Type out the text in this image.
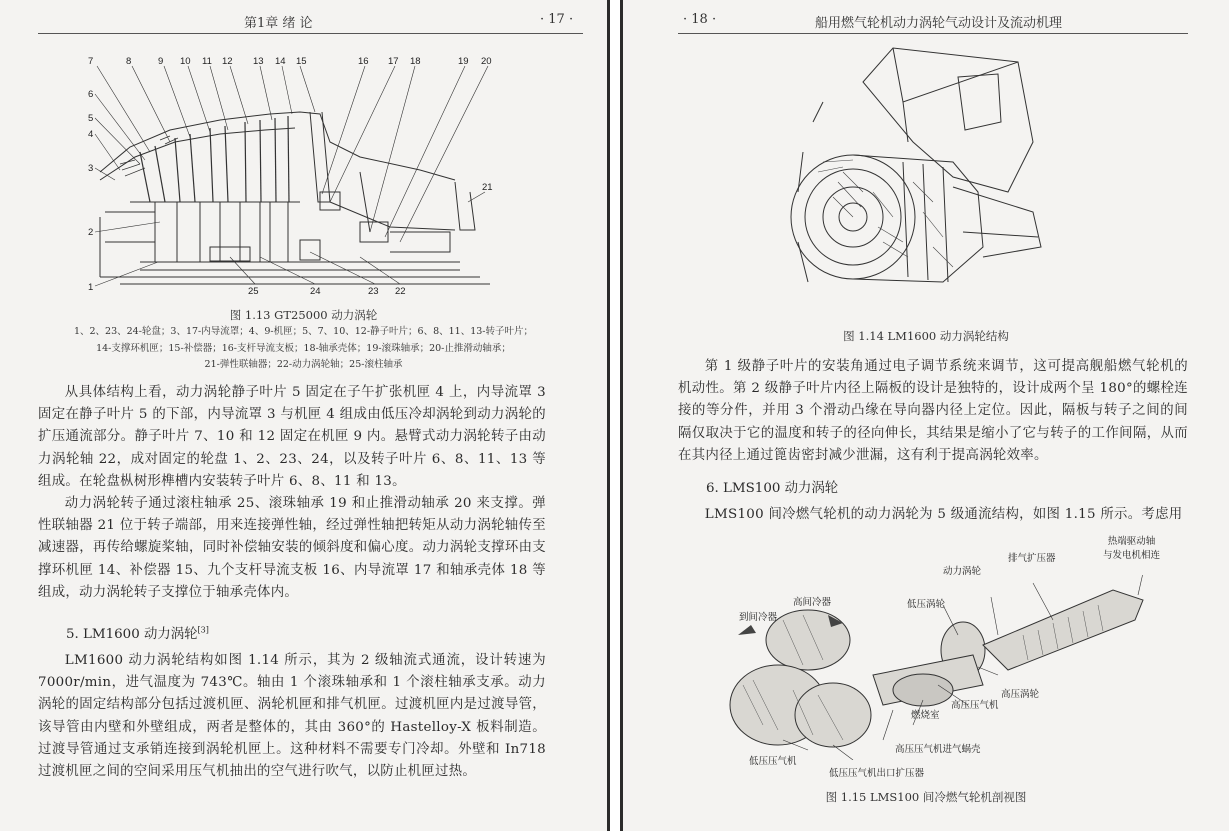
第1章 绪 论	· 17 ·
7	8	9 10 11 12 13 14 15	16 17 18	19 20
6
5
4
3
2
1
21
25	24	23 22
图 1.13 GT25000 动力涡轮
1、2、23、24-轮盘；3、17-内导流罩；4、9-机匣；5、7、10、12-静子叶片；6、8、11、13-转子叶片；
14-支撑环机匣；15-补偿器；16-支杆导流支板；18-轴承壳体；19-滚珠轴承；20-止推滑动轴承；
21-弹性联轴器；22-动力涡轮轴；25-滚柱轴承
从具体结构上看，动力涡轮静子叶片 5 固定在子午扩张机匣 4 上，内导流罩 3 固定在静子叶片 5 的下部，内导流罩 3 与机匣 4 组成由低压冷却涡轮到动力涡轮的扩压通流部分。静子叶片 7、10 和 12 固定在机匣 9 内。悬臂式动力涡轮转子由动力涡轮轴 22，成对固定的轮盘 1、2、23、24，以及转子叶片 6、8、11、13 等组成。在轮盘枞树形榫槽内安装转子叶片 6、8、11 和 13。
动力涡轮转子通过滚柱轴承 25、滚珠轴承 19 和止推滑动轴承 20 来支撑。弹性联轴器 21 位于转子端部，用来连接弹性轴，经过弹性轴把转矩从动力涡轮轴传至减速器，再传给螺旋桨轴，同时补偿轴安装的倾斜度和偏心度。动力涡轮支撑环由支撑环机匣 14、补偿器 15、九个支杆导流支板 16、内导流罩 17 和轴承壳体 18 等组成，动力涡轮转子支撑位于轴承壳体内。
5. LM1600 动力涡轮[3]
LM1600 动力涡轮结构如图 1.14 所示，其为 2 级轴流式通流，设计转速为 7000r/min，进气温度为 743℃。轴由 1 个滚珠轴承和 1 个滚柱轴承支承。动力涡轮的固定结构部分包括过渡机匣、涡轮机匣和排气机匣。过渡机匣内是过渡导管，该导管由内壁和外壁组成，两者是整体的，其由 360°的 Hastelloy-X 板料制造。过渡导管通过支承销连接到涡轮机匣上。这种材料不需要专门冷却。外壁和 In718 过渡机匣之间的空间采用压气机抽出的空气进行吹气，以防止机匣过热。
· 18 ·	船用燃气轮机动力涡轮气动设计及流动机理
图 1.14 LM1600 动力涡轮结构
第 1 级静子叶片的安装角通过电子调节系统来调节，这可提高舰船燃气轮机的机动性。第 2 级静子叶片内径上隔板的设计是独特的，设计成两个呈 180°的螺栓连接的等分件，并用 3 个滑动凸缘在导向器内径上定位。因此，隔板与转子之间的间隔仅取决于它的温度和转子的径向伸长，其结果是缩小了它与转子的工作间隔，从而在其内径上通过篦齿密封减少泄漏，这有利于提高涡轮效率。
6. LMS100 动力涡轮
LMS100 间冷燃气轮机的动力涡轮为 5 级通流结构，如图 1.15 所示。考虑用
热端驱动轴
与发电机相连
排气扩压器
动力涡轮
低压涡轮
高间冷器
到间冷器
高压涡轮
高压压气机
燃烧室
高压压气机进气蜗壳
低压压气机
低压压气机出口扩压器
图 1.15 LMS100 间冷燃气轮机剖视图
